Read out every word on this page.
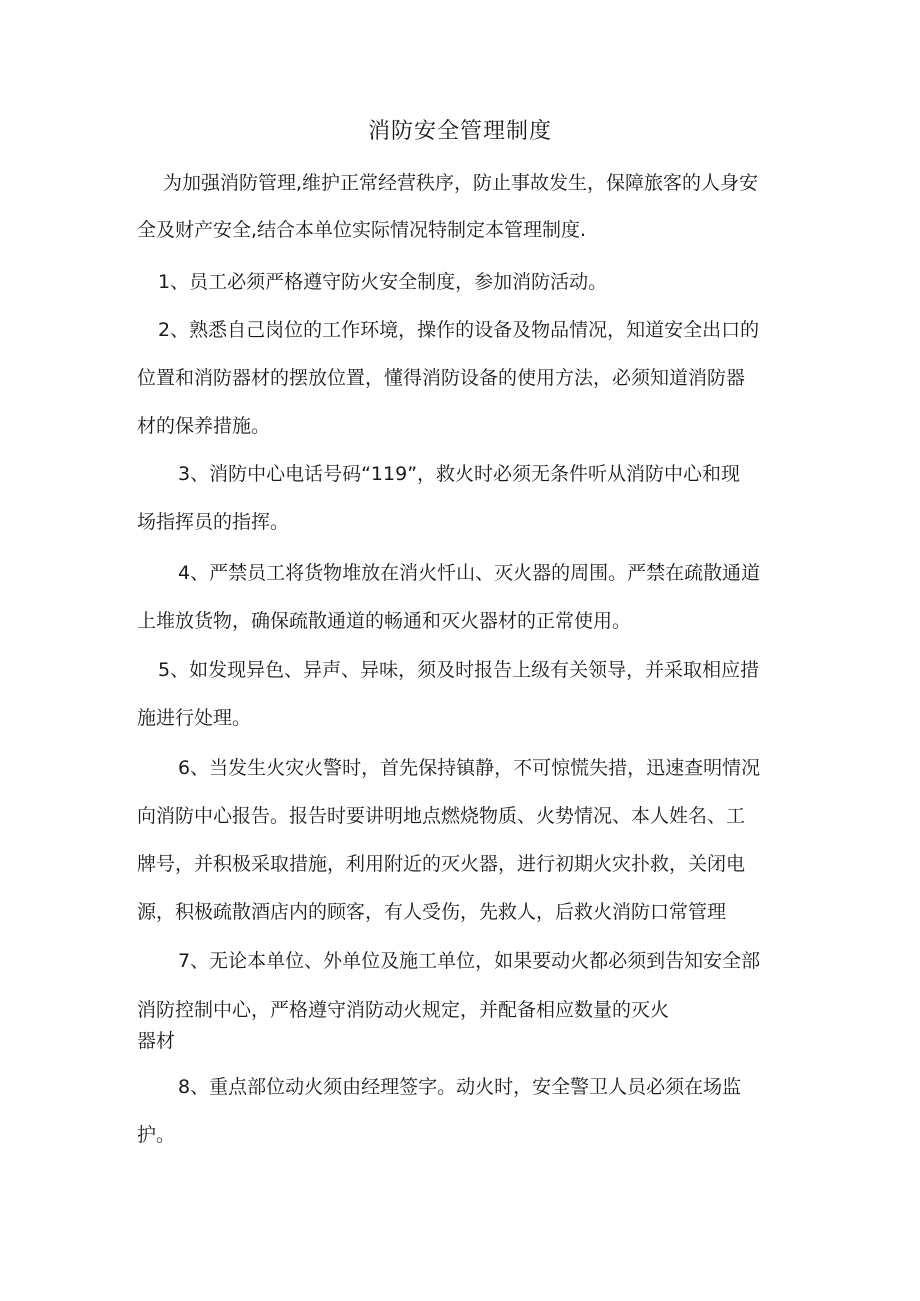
消防安全管理制度
为加强消防管理,维护正常经营秩序，防止事故发生，保障旅客的人身安
全及财产安全,结合本单位实际情况特制定本管理制度.
1、员工必须严格遵守防火安全制度，参加消防活动。
2、熟悉自己岗位的工作环境，操作的设备及物品情况，知道安全出口的
位置和消防器材的摆放位置，懂得消防设备的使用方法，必须知道消防器
材的保养措施。
3、消防中心电话号码“119”，救火时必须无条件听从消防中心和现
场指挥员的指挥。
4、严禁员工将货物堆放在消火忏山、灭火器的周围。严禁在疏散通道
上堆放货物，确保疏散通道的畅通和灭火器材的正常使用。
5、如发现异色、异声、异味，须及时报告上级有关领导，并采取相应措
施进行处理。
6、当发生火灾火警时，首先保持镇静，不可惊慌失措，迅速查明情况
向消防中心报告。报告时要讲明地点燃烧物质、火势情况、本人姓名、工
牌号，并积极采取措施，利用附近的灭火器，进行初期火灾扑救，关闭电
源，积极疏散酒店内的顾客，有人受伤，先救人，后救火消防口常管理
7、无论本单位、外单位及施工单位，如果要动火都必须到告知安全部
消防控制中心，严格遵守消防动火规定，并配备相应数量的灭火
器材
8、重点部位动火须由经理签字。动火时，安全警卫人员必须在场监
护。
